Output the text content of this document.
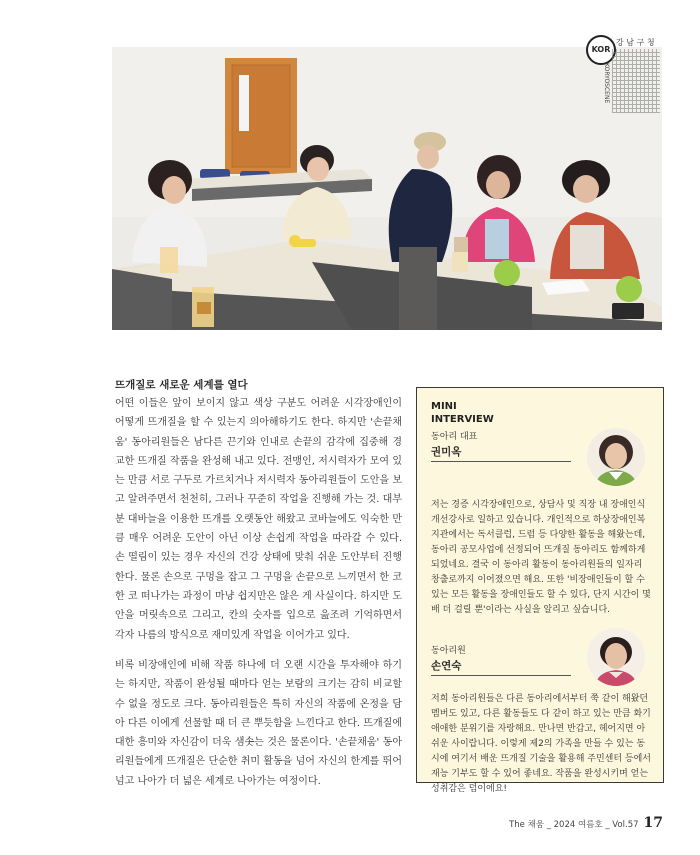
KOR
강 남 구 청
KORYOSCENE
뜨개질로 새로운 세계를 열다

어떤 이들은 앞이 보이지 않고 색상 구분도 어려운 시각장애인이 어떻게 뜨개질을 할 수 있는지 의아해하기도 한다. 하지만 '손끝채움' 동아리원들은 남다른 끈기와 인내로 손끝의 감각에 집중해 경교한 뜨개질 작품을 완성해 내고 있다. 전맹인, 저시력자가 모여 있는 만큼 서로 구두로 가르치거나 저시력자 동아리원들이 도안을 보고 알려주면서 천천히, 그러나 꾸준히 작업을 진행해 가는 것. 대부분 대바늘을 이용한 뜨개를 오랫동안 해왔고 코바늘에도 익숙한 만큼 매우 어려운 도안이 아닌 이상 손쉽게 작업을 따라갈 수 있다. 손 떨림이 있는 경우 자신의 건강 상태에 맞춰 쉬운 도안부터 진행한다. 물론 손으로 구멍을 잡고 그 구멍을 손끝으로 느끼면서 한 코 한 코 떠나가는 과정이 마냥 쉽지만은 않은 게 사실이다. 하지만 도안을 머릿속으로 그리고, 칸의 숫자를 입으로 읊조려 기억하면서 각자 나름의 방식으로 재미있게 작업을 이어가고 있다.

비록 비장애인에 비해 작품 하나에 더 오랜 시간을 투자해야 하기는 하지만, 작품이 완성될 때마다 얻는 보람의 크기는 감히 비교할 수 없을 정도로 크다. 동아리원들은 특히 자신의 작품에 온정을 담아 다른 이에게 선물할 때 더 큰 뿌듯함을 느낀다고 한다. 뜨개질에 대한 흥미와 자신감이 더욱 샘솟는 것은 물론이다. '손끝채움' 동아리원들에게 뜨개질은 단순한 취미 활동을 넘어 자신의 한계를 뛰어넘고 나아가 더 넓은 세계로 나아가는 여정이다.

MINI
INTERVIEW
동아리 대표
권미옥

저는 경증 시각장애인으로, 상담사 및 직장 내 장애인식개선강사로 일하고 있습니다. 개인적으로 하상장애인복지관에서는 독서클럽, 드럼 등 다양한 활동을 해왔는데, 동아리 공모사업에 선정되어 뜨개질 동아리도 함께하게 되었네요. 결국 이 동아리 활동이 동아리원들의 일자리 창출로까지 이어졌으면 해요. 또한 '비장애인들이 할 수 있는 모든 활동을 장애인들도 할 수 있다, 단지 시간이 몇 배 더 걸릴 뿐'이라는 사실을 알리고 싶습니다.

동아리원
손연숙

저희 동아리원들은 다른 동아리에서부터 쭉 같이 해왔던 멤버도 있고, 다른 활동들도 다 같이 하고 있는 만큼 화기애애한 분위기를 자랑해요. 만나면 반갑고, 헤어지면 아쉬운 사이랍니다. 이렇게 제2의 가족을 만들 수 있는 동시에 여기서 배운 뜨개질 기술을 활용해 주민센터 등에서 재능 기부도 할 수 있어 좋네요. 작품을 완성시키며 얻는 성취감은 덤이에요!

The 채움 _ 2024 여름호 _ Vol.57 17
